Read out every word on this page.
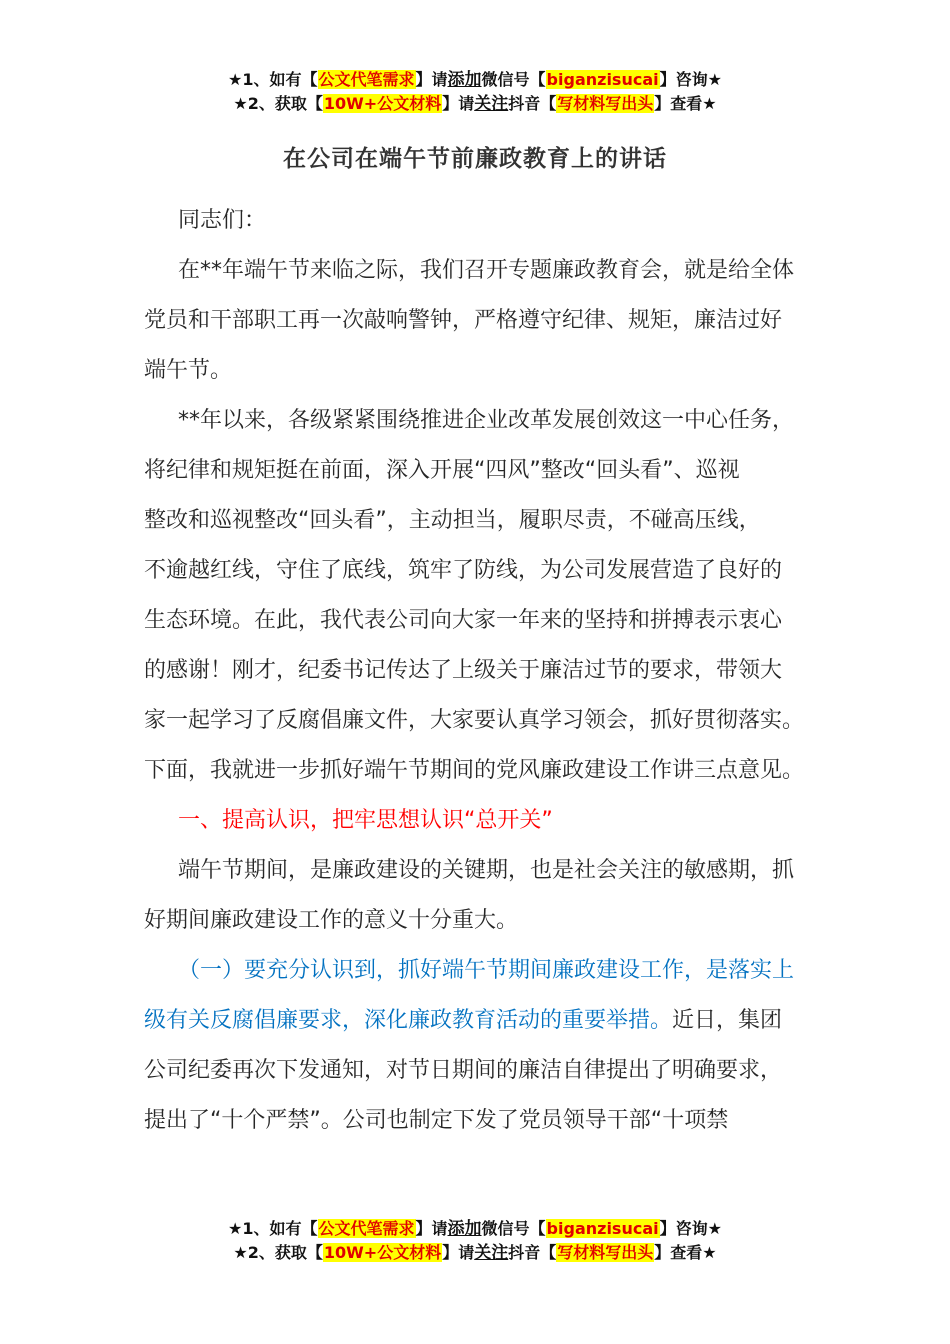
★1、如有【公文代笔需求】请添加微信号【biganzisucai】咨询★
★2、获取【10W+公文材料】请关注抖音【写材料写出头】查看★
在公司在端午节前廉政教育上的讲话

同志们：

在**年端午节来临之际，我们召开专题廉政教育会，就是给全体
党员和干部职工再一次敲响警钟，严格遵守纪律、规矩，廉洁过好
端午节。

**年以来，各级紧紧围绕推进企业改革发展创效这一中心任务，
将纪律和规矩挺在前面，深入开展“四风”整改“回头看”、巡视
整改和巡视整改“回头看”，主动担当，履职尽责，不碰高压线，
不逾越红线，守住了底线，筑牢了防线，为公司发展营造了良好的
生态环境。在此，我代表公司向大家一年来的坚持和拼搏表示衷心
的感谢！刚才，纪委书记传达了上级关于廉洁过节的要求，带领大
家一起学习了反腐倡廉文件，大家要认真学习领会，抓好贯彻落实。
下面，我就进一步抓好端午节期间的党风廉政建设工作讲三点意见。

一、提高认识，把牢思想认识“总开关”

端午节期间，是廉政建设的关键期，也是社会关注的敏感期，抓
好期间廉政建设工作的意义十分重大。

（一）要充分认识到，抓好端午节期间廉政建设工作，是落实上
级有关反腐倡廉要求，深化廉政教育活动的重要举措。近日，集团
公司纪委再次下发通知，对节日期间的廉洁自律提出了明确要求，
提出了“十个严禁”。公司也制定下发了党员领导干部“十项禁

★1、如有【公文代笔需求】请添加微信号【biganzisucai】咨询★
★2、获取【10W+公文材料】请关注抖音【写材料写出头】查看★
